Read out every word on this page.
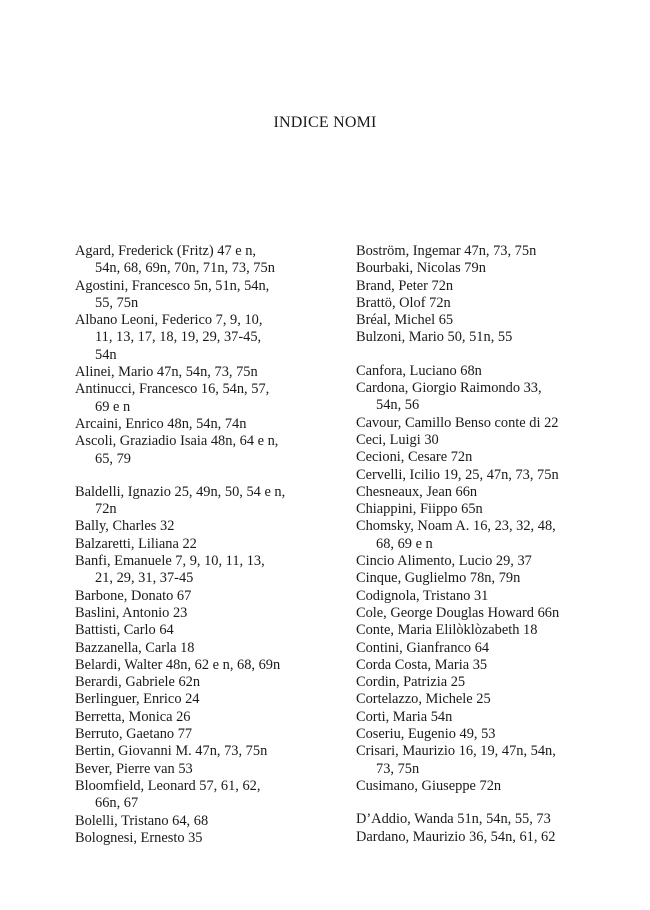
INDICE NOMI
Agard, Frederick (Fritz) 47 e n,
54n, 68, 69n, 70n, 71n, 73, 75n
Agostini, Francesco 5n, 51n, 54n,
55, 75n
Albano Leoni, Federico 7, 9, 10,
11, 13, 17, 18, 19, 29, 37-45,
54n
Alinei, Mario 47n, 54n, 73, 75n
Antinucci, Francesco 16, 54n, 57,
69 e n
Arcaini, Enrico 48n, 54n, 74n
Ascoli, Graziadio Isaia 48n, 64 e n,
65, 79
Baldelli, Ignazio 25, 49n, 50, 54 e n,
72n
Bally, Charles 32
Balzaretti, Liliana 22
Banfi, Emanuele 7, 9, 10, 11, 13,
21, 29, 31, 37-45
Barbone, Donato 67
Baslini, Antonio 23
Battisti, Carlo 64
Bazzanella, Carla 18
Belardi, Walter 48n, 62 e n, 68, 69n
Berardi, Gabriele 62n
Berlinguer, Enrico 24
Berretta, Monica 26
Berruto, Gaetano 77
Bertin, Giovanni M. 47n, 73, 75n
Bever, Pierre van 53
Bloomfield, Leonard 57, 61, 62,
66n, 67
Bolelli, Tristano 64, 68
Bolognesi, Ernesto 35
Boström, Ingemar 47n, 73, 75n
Bourbaki, Nicolas 79n
Brand, Peter 72n
Brattö, Olof 72n
Bréal, Michel 65
Bulzoni, Mario 50, 51n, 55
Canfora, Luciano 68n
Cardona, Giorgio Raimondo 33,
54n, 56
Cavour, Camillo Benso conte di 22
Ceci, Luigi 30
Cecioni, Cesare 72n
Cervelli, Icilio 19, 25, 47n, 73, 75n
Chesneaux, Jean 66n
Chiappini, Fiippo 65n
Chomsky, Noam A. 16, 23, 32, 48,
68, 69 e n
Cincio Alimento, Lucio 29, 37
Cinque, Guglielmo 78n, 79n
Codignola, Tristano 31
Cole, George Douglas Howard 66n
Conte, Maria Elilòklòzabeth 18
Contini, Gianfranco 64
Corda Costa, Maria 35
Cordin, Patrizia 25
Cortelazzo, Michele 25
Corti, Maria 54n
Coseriu, Eugenio 49, 53
Crisari, Maurizio 16, 19, 47n, 54n,
73, 75n
Cusimano, Giuseppe 72n
D’Addio, Wanda 51n, 54n, 55, 73
Dardano, Maurizio 36, 54n, 61, 62
